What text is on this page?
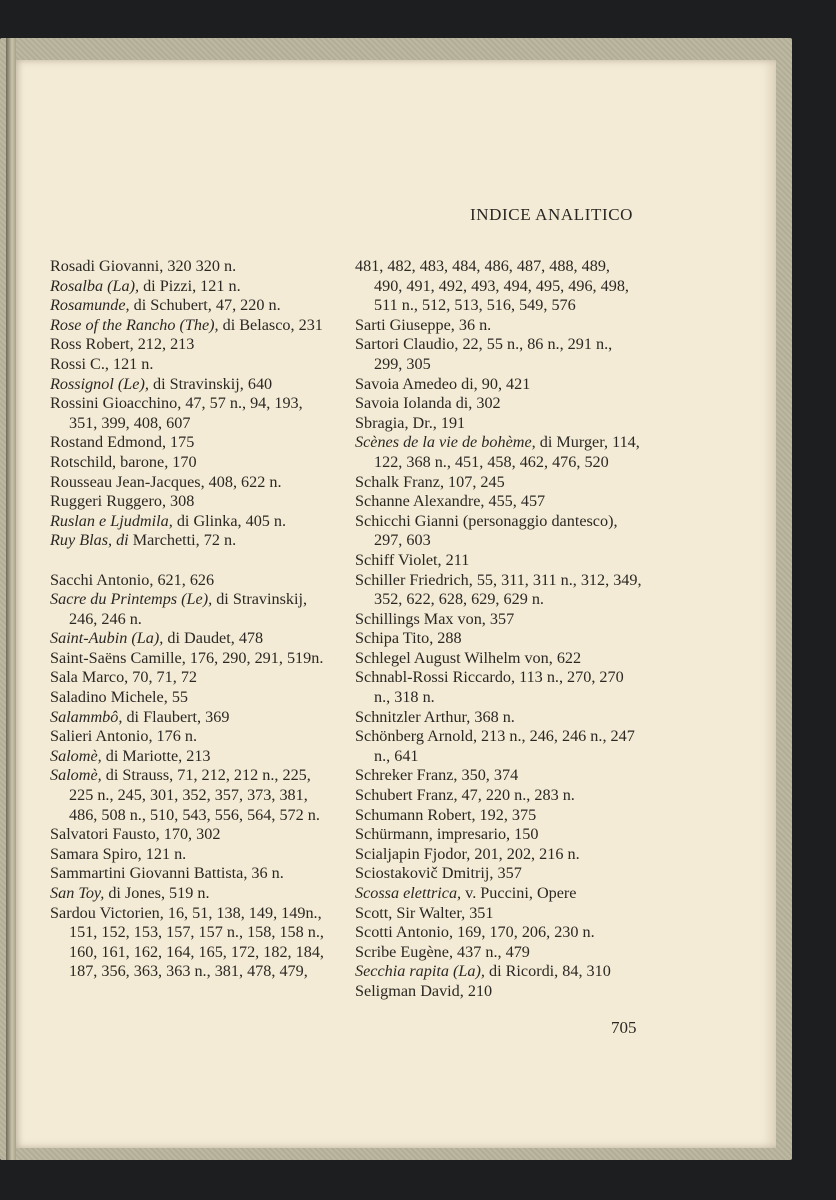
INDICE ANALITICO
Rosadi Giovanni, 320 320 n.
Rosalba (La), di Pizzi, 121 n.
Rosamunde, di Schubert, 47, 220 n.
Rose of the Rancho (The), di Belasco, 231
Ross Robert, 212, 213
Rossi C., 121 n.
Rossignol (Le), di Stravinskij, 640
Rossini Gioacchino, 47, 57 n., 94, 193, 351, 399, 408, 607
Rostand Edmond, 175
Rotschild, barone, 170
Rousseau Jean-Jacques, 408, 622 n.
Ruggeri Ruggero, 308
Ruslan e Ljudmila, di Glinka, 405 n.
Ruy Blas, di Marchetti, 72 n.
Sacchi Antonio, 621, 626
Sacre du Printemps (Le), di Stravinskij, 246, 246 n.
Saint-Aubin (La), di Daudet, 478
Saint-Saëns Camille, 176, 290, 291, 519n.
Sala Marco, 70, 71, 72
Saladino Michele, 55
Salammbô, di Flaubert, 369
Salieri Antonio, 176 n.
Salomè, di Mariotte, 213
Salomè, di Strauss, 71, 212, 212 n., 225, 225 n., 245, 301, 352, 357, 373, 381, 486, 508 n., 510, 543, 556, 564, 572 n.
Salvatori Fausto, 170, 302
Samara Spiro, 121 n.
Sammartini Giovanni Battista, 36 n.
San Toy, di Jones, 519 n.
Sardou Victorien, 16, 51, 138, 149, 149n., 151, 152, 153, 157, 157 n., 158, 158 n., 160, 161, 162, 164, 165, 172, 182, 184, 187, 356, 363, 363 n., 381, 478, 479,
481, 482, 483, 484, 486, 487, 488, 489, 490, 491, 492, 493, 494, 495, 496, 498, 511 n., 512, 513, 516, 549, 576
Sarti Giuseppe, 36 n.
Sartori Claudio, 22, 55 n., 86 n., 291 n., 299, 305
Savoia Amedeo di, 90, 421
Savoia Iolanda di, 302
Sbragia, Dr., 191
Scènes de la vie de bohème, di Murger, 114, 122, 368 n., 451, 458, 462, 476, 520
Schalk Franz, 107, 245
Schanne Alexandre, 455, 457
Schicchi Gianni (personaggio dantesco), 297, 603
Schiff Violet, 211
Schiller Friedrich, 55, 311, 311 n., 312, 349, 352, 622, 628, 629, 629 n.
Schillings Max von, 357
Schipa Tito, 288
Schlegel August Wilhelm von, 622
Schnabl-Rossi Riccardo, 113 n., 270, 270 n., 318 n.
Schnitzler Arthur, 368 n.
Schönberg Arnold, 213 n., 246, 246 n., 247 n., 641
Schreker Franz, 350, 374
Schubert Franz, 47, 220 n., 283 n.
Schumann Robert, 192, 375
Schürmann, impresario, 150
Scialjapin Fjodor, 201, 202, 216 n.
Sciostakovič Dmitrij, 357
Scossa elettrica, v. Puccini, Opere
Scott, Sir Walter, 351
Scotti Antonio, 169, 170, 206, 230 n.
Scribe Eugène, 437 n., 479
Secchia rapita (La), di Ricordi, 84, 310
Seligman David, 210
705
